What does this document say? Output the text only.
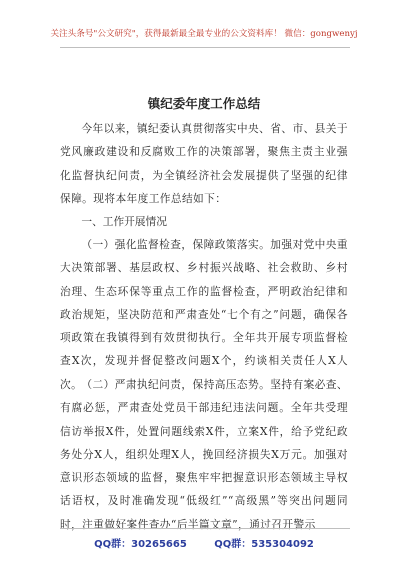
关注头条号"公文研究"，获得最新最全最专业的公文资料库！ 微信：gongwenyj
镇纪委年度工作总结

今年以来，镇纪委认真贯彻落实中央、省、市、县关于党风廉政建设和反腐败工作的决策部署，聚焦主责主业强化监督执纪问责，为全镇经济社会发展提供了坚强的纪律保障。现将本年度工作总结如下：

一、工作开展情况

（一）强化监督检查，保障政策落实。加强对党中央重大决策部署、基层政权、乡村振兴战略、社会救助、乡村治理、生态环保等重点工作的监督检查，严明政治纪律和政治规矩，坚决防范和严肃查处“七个有之”问题，确保各项政策在我镇得到有效贯彻执行。全年共开展专项监督检查X次，发现并督促整改问题X个，约谈相关责任人X人次。 （二）严肃执纪问责，保持高压态势。坚持有案必查、有腐必惩，严肃查处党员干部违纪违法问题。全年共受理信访举报X件，处置问题线索X件，立案X件，给予党纪政务处分X人，组织处理X人，挽回经济损失X万元。加强对意识形态领域的监督，聚焦牢牢把握意识形态领域主导权话语权，及时准确发现“低级红”“高级黑”等突出问题同时，注重做好案件查办“后半篇文章”，通过召开警示

QQ群：30265665	QQ群：535304092
